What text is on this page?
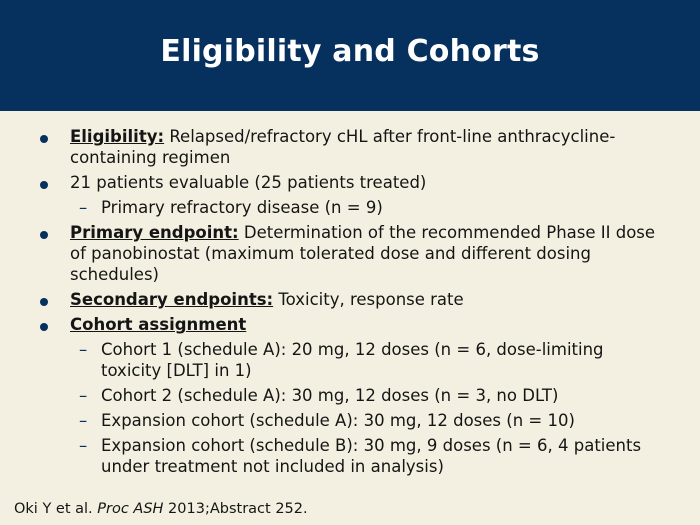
Eligibility and Cohorts
Eligibility: Relapsed/refractory cHL after front-line anthracycline-containing regimen
21 patients evaluable (25 patients treated)
– Primary refractory disease (n = 9)
Primary endpoint: Determination of the recommended Phase II dose of panobinostat (maximum tolerated dose and different dosing schedules)
Secondary endpoints: Toxicity, response rate
Cohort assignment
– Cohort 1 (schedule A): 20 mg, 12 doses (n = 6, dose-limiting toxicity [DLT] in 1)
– Cohort 2 (schedule A): 30 mg, 12 doses (n = 3, no DLT)
– Expansion cohort (schedule A): 30 mg, 12 doses (n = 10)
– Expansion cohort (schedule B): 30 mg, 9 doses (n = 6, 4 patients under treatment not included in analysis)
Oki Y et al. Proc ASH 2013;Abstract 252.
